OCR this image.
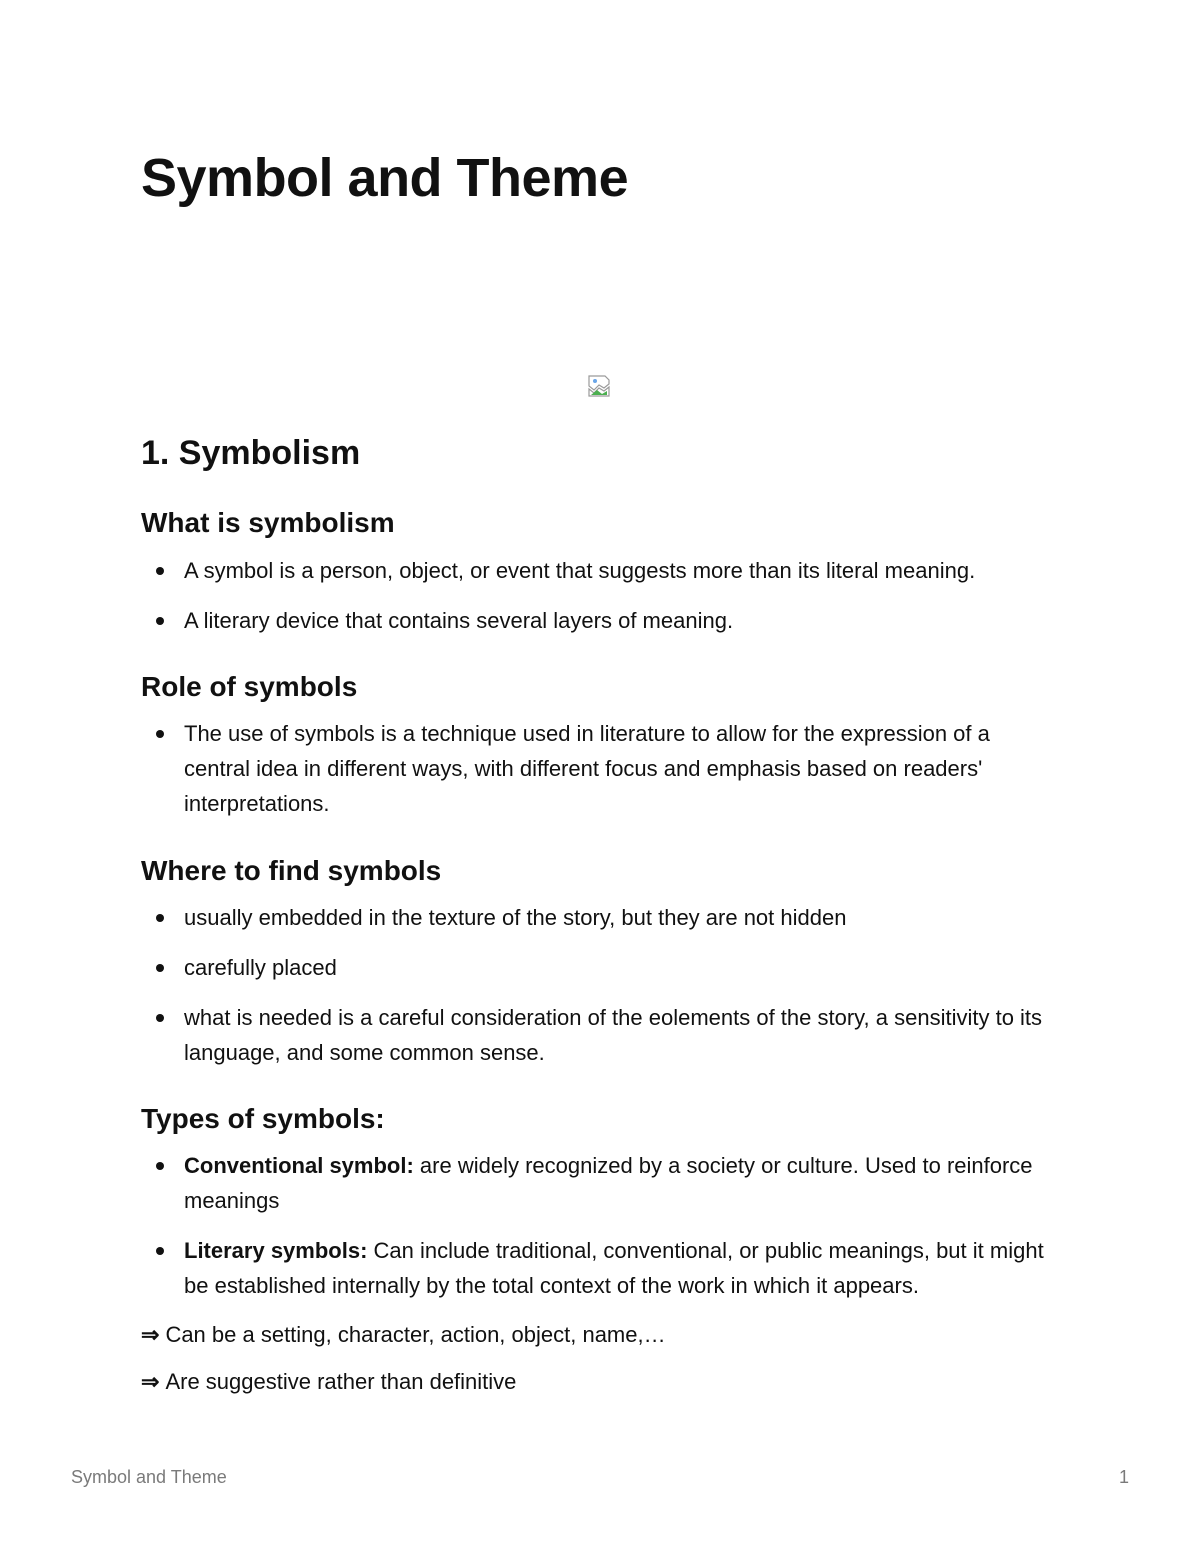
Symbol and Theme
1. Symbolism
What is symbolism
A symbol is a person, object, or event that suggests more than its literal meaning.
A literary device that contains several layers of meaning.
Role of symbols
The use of symbols is a technique used in literature to allow for the expression of a central idea in different ways, with different focus and emphasis based on readers' interpretations.
Where to find symbols
usually embedded in the texture of the story, but they are not hidden
carefully placed
what is needed is a careful consideration of the eolements of the story, a sensitivity to its language, and some common sense.
Types of symbols:
Conventional symbol: are widely recognized by a society or culture. Used to reinforce meanings
Literary symbols: Can include traditional, conventional, or public meanings, but it might be established internally by the total context of the work in which it appears.
⇒ Can be a setting, character, action, object, name,…
⇒ Are suggestive rather than definitive
Symbol and Theme	1
